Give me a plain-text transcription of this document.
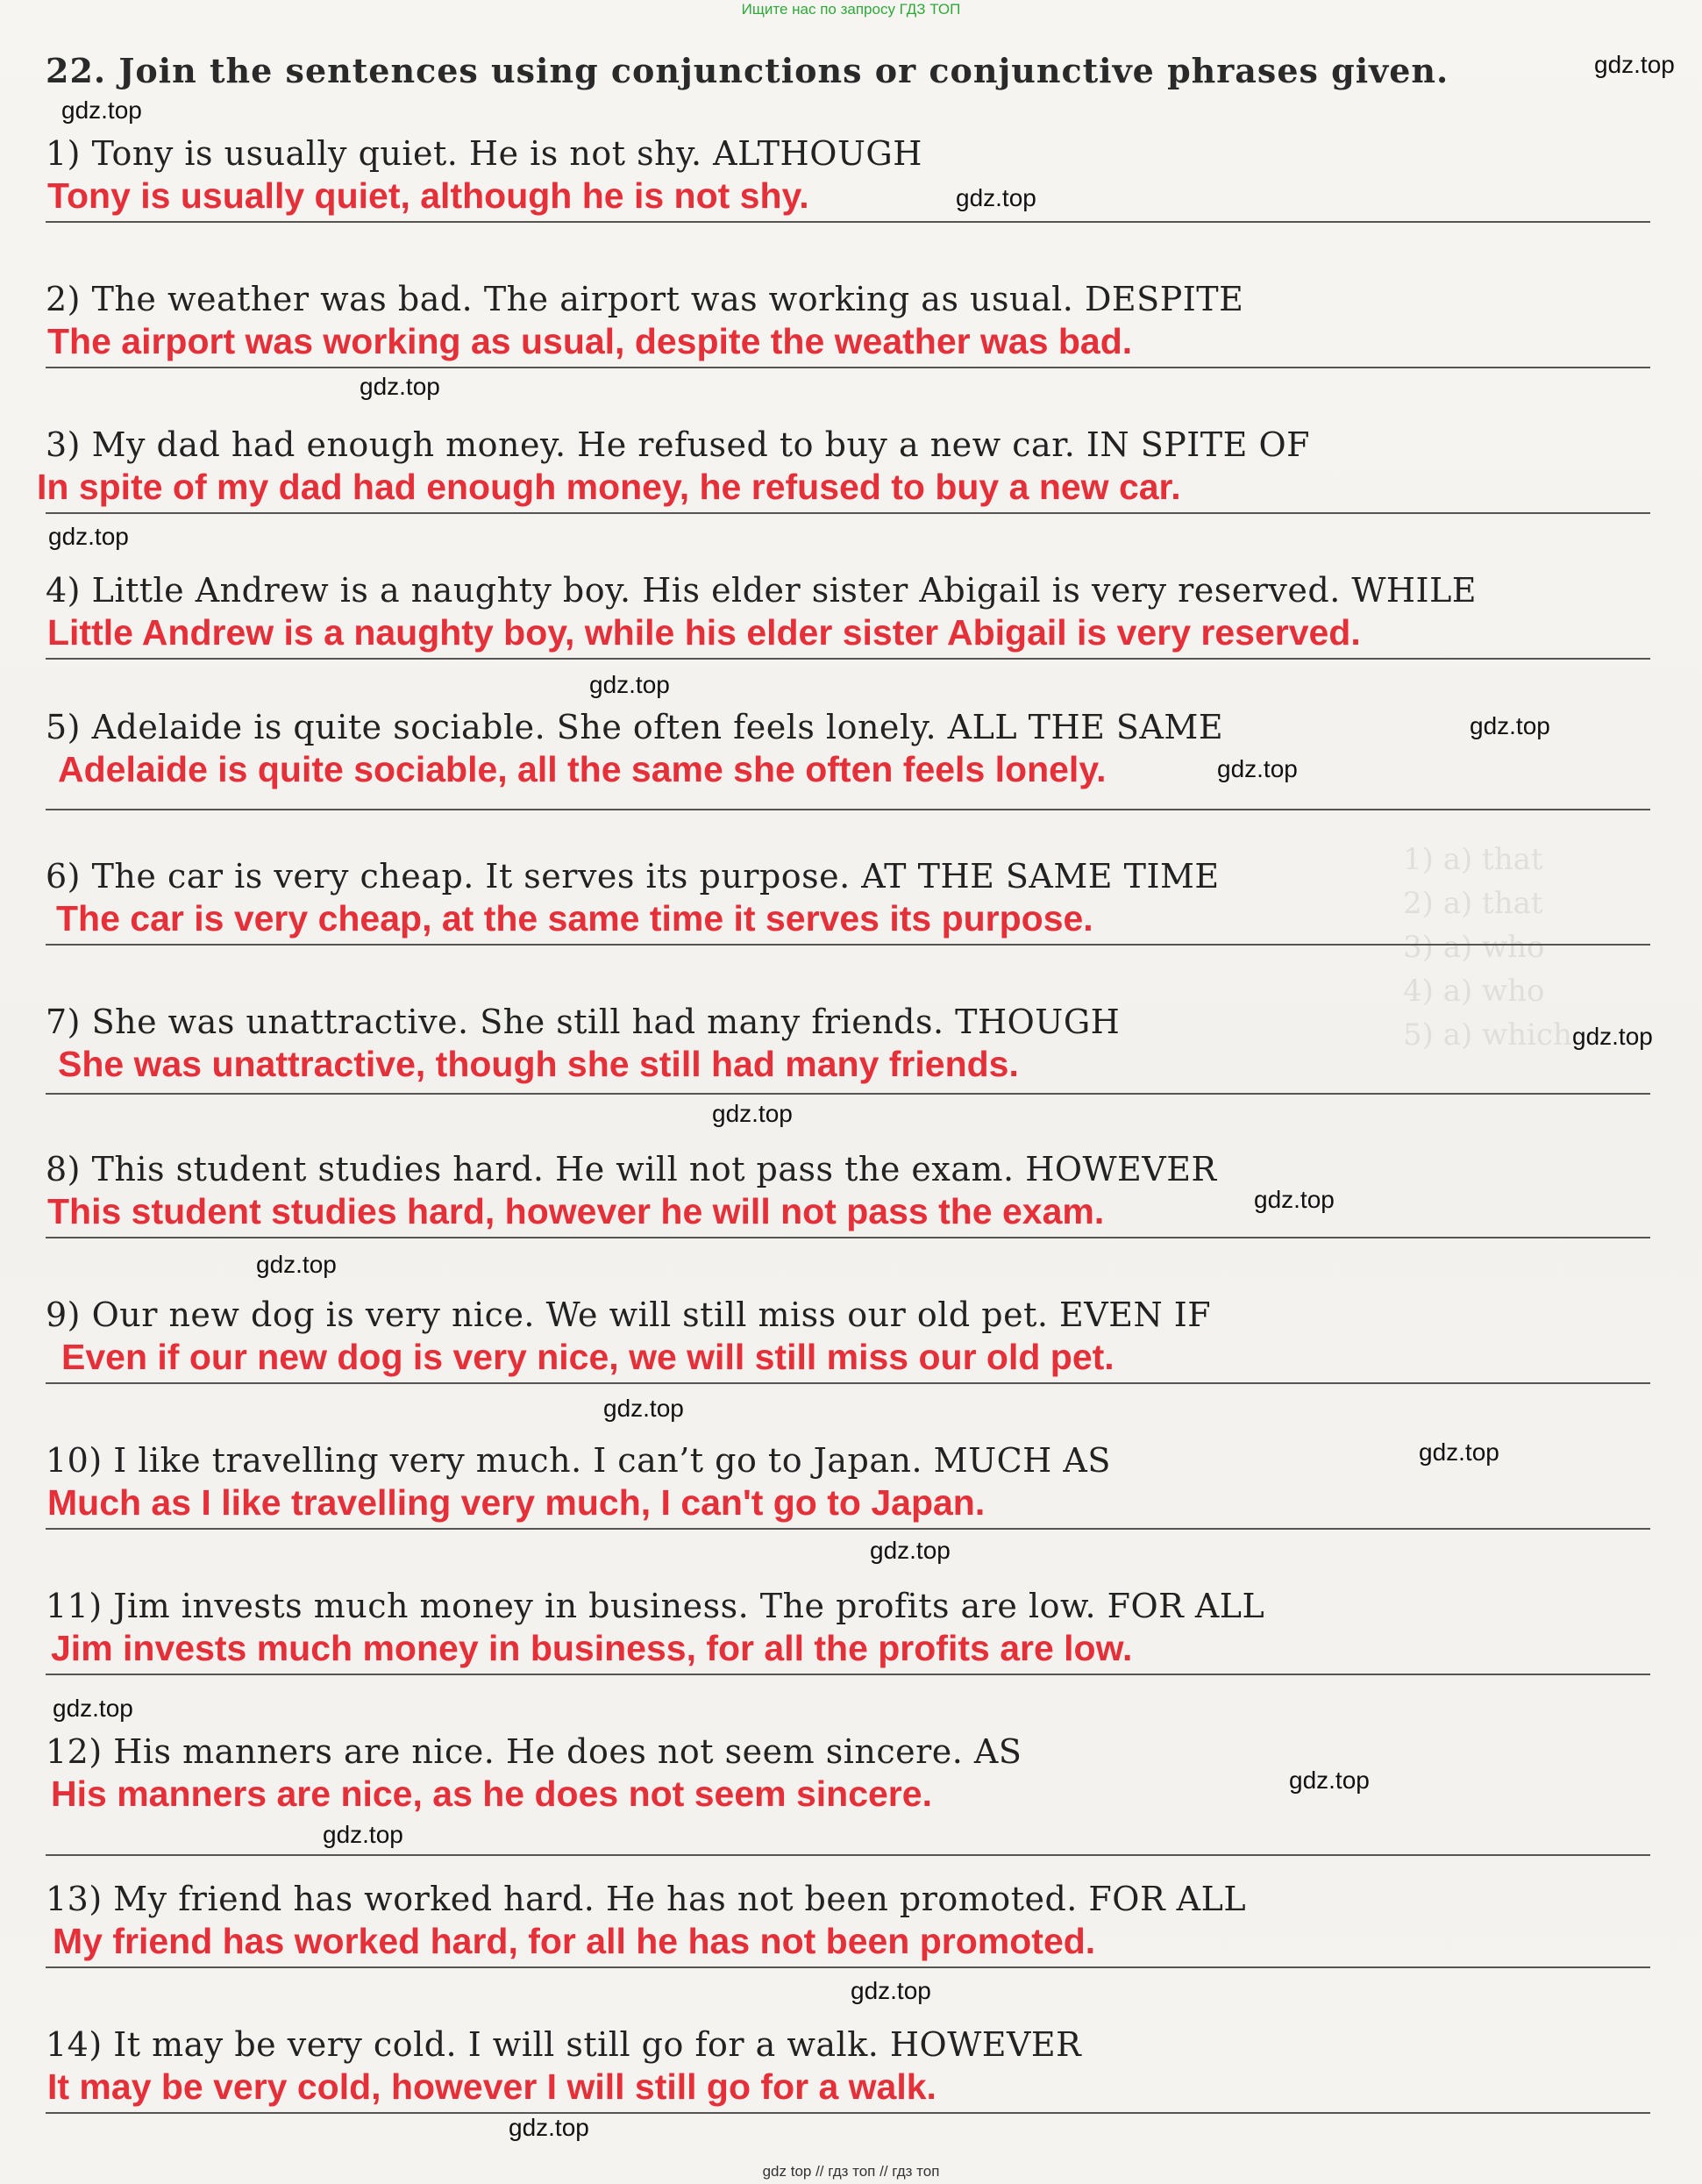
1) a) that
2) a) that
3) a) who
4) a) who
5) a) which
Ищите нас по запросу ГДЗ ТОП
22. Join the sentences using conjunctions or conjunctive phrases given.
1) Tony is usually quiet. He is not shy. ALTHOUGH
Tony is usually quiet, although he is not shy.
2) The weather was bad. The airport was working as usual. DESPITE
The airport was working as usual, despite the weather was bad.
3) My dad had enough money. He refused to buy a new car. IN SPITE OF
In spite of my dad had enough money, he refused to buy a new car.
4) Little Andrew is a naughty boy. His elder sister Abigail is very reserved. WHILE
Little Andrew is a naughty boy, while his elder sister Abigail is very reserved.
5) Adelaide is quite sociable. She often feels lonely. ALL THE SAME
Adelaide is quite sociable, all the same she often feels lonely.
6) The car is very cheap. It serves its purpose. AT THE SAME TIME
The car is very cheap, at the same time it serves its purpose.
7) She was unattractive. She still had many friends. THOUGH
She was unattractive, though she still had many friends.
8) This student studies hard. He will not pass the exam. HOWEVER
This student studies hard, however he will not pass the exam.
9) Our new dog is very nice. We will still miss our old pet. EVEN IF
Even if our new dog is very nice, we will still miss our old pet.
10) I like travelling very much. I can’t go to Japan. MUCH AS
Much as I like travelling very much, I can't go to Japan.
11) Jim invests much money in business. The profits are low. FOR ALL
Jim invests much money in business, for all the profits are low.
12) His manners are nice. He does not seem sincere. AS
His manners are nice, as he does not seem sincere.
13) My friend has worked hard. He has not been promoted. FOR ALL
My friend has worked hard, for all he has not been promoted.
14) It may be very cold. I will still go for a walk. HOWEVER
It may be very cold, however I will still go for a walk.
gdz.top
gdz.top
gdz.top
gdz.top
gdz.top
gdz.top
gdz.top
gdz.top
gdz.top
gdz.top
gdz.top
gdz.top
gdz.top
gdz.top
gdz.top
gdz.top
gdz.top
gdz.top
gdz.top
gdz.top
gdz top // гдз топ // гдз топ
